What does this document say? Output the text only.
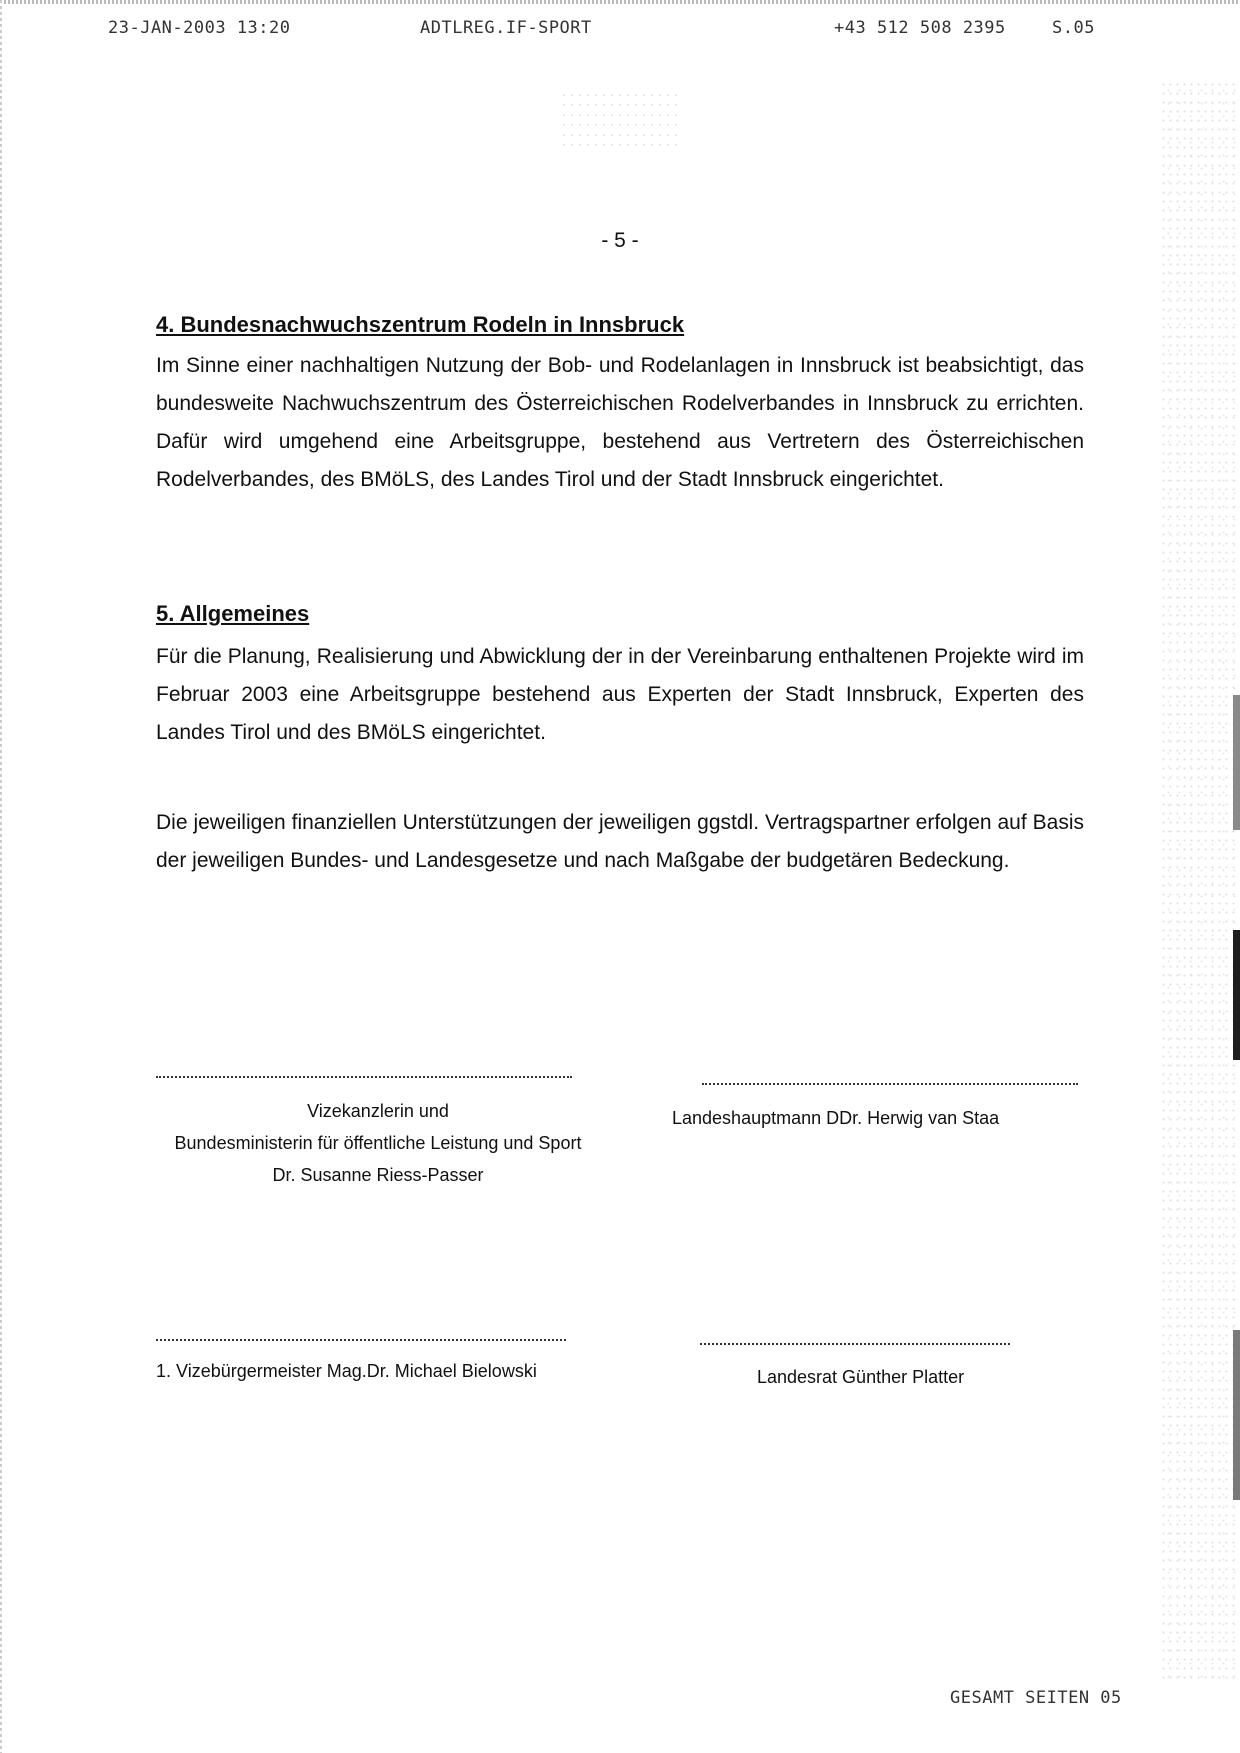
23-JAN-2003 13:20	ADTLREG.IF-SPORT	+43 512 508 2395	S.05
- 5 -
4. Bundesnachwuchszentrum Rodeln in Innsbruck

Im Sinne einer nachhaltigen Nutzung der Bob- und Rodelanlagen in Innsbruck ist beabsichtigt, das bundesweite Nachwuchszentrum des Österreichischen Rodelverbandes in Innsbruck zu errichten. Dafür wird umgehend eine Arbeitsgruppe, bestehend aus Vertretern des Österreichischen Rodelverbandes, des BMöLS, des Landes Tirol und der Stadt Innsbruck eingerichtet.

5. Allgemeines

Für die Planung, Realisierung und Abwicklung der in der Vereinbarung enthaltenen Projekte wird im Februar 2003 eine Arbeitsgruppe bestehend aus Experten der Stadt Innsbruck, Experten des Landes Tirol und des BMöLS eingerichtet.

Die jeweiligen finanziellen Unterstützungen der jeweiligen ggstdl. Vertragspartner erfolgen auf Basis der jeweiligen Bundes- und Landesgesetze und nach Maßgabe der budgetären Bedeckung.

Vizekanzlerin und
Bundesministerin für öffentliche Leistung und Sport
Dr. Susanne Riess-Passer
Landeshauptmann DDr. Herwig van Staa
1. Vizebürgermeister Mag.Dr. Michael Bielowski	Landesrat Günther Platter
GESAMT SEITEN 05
